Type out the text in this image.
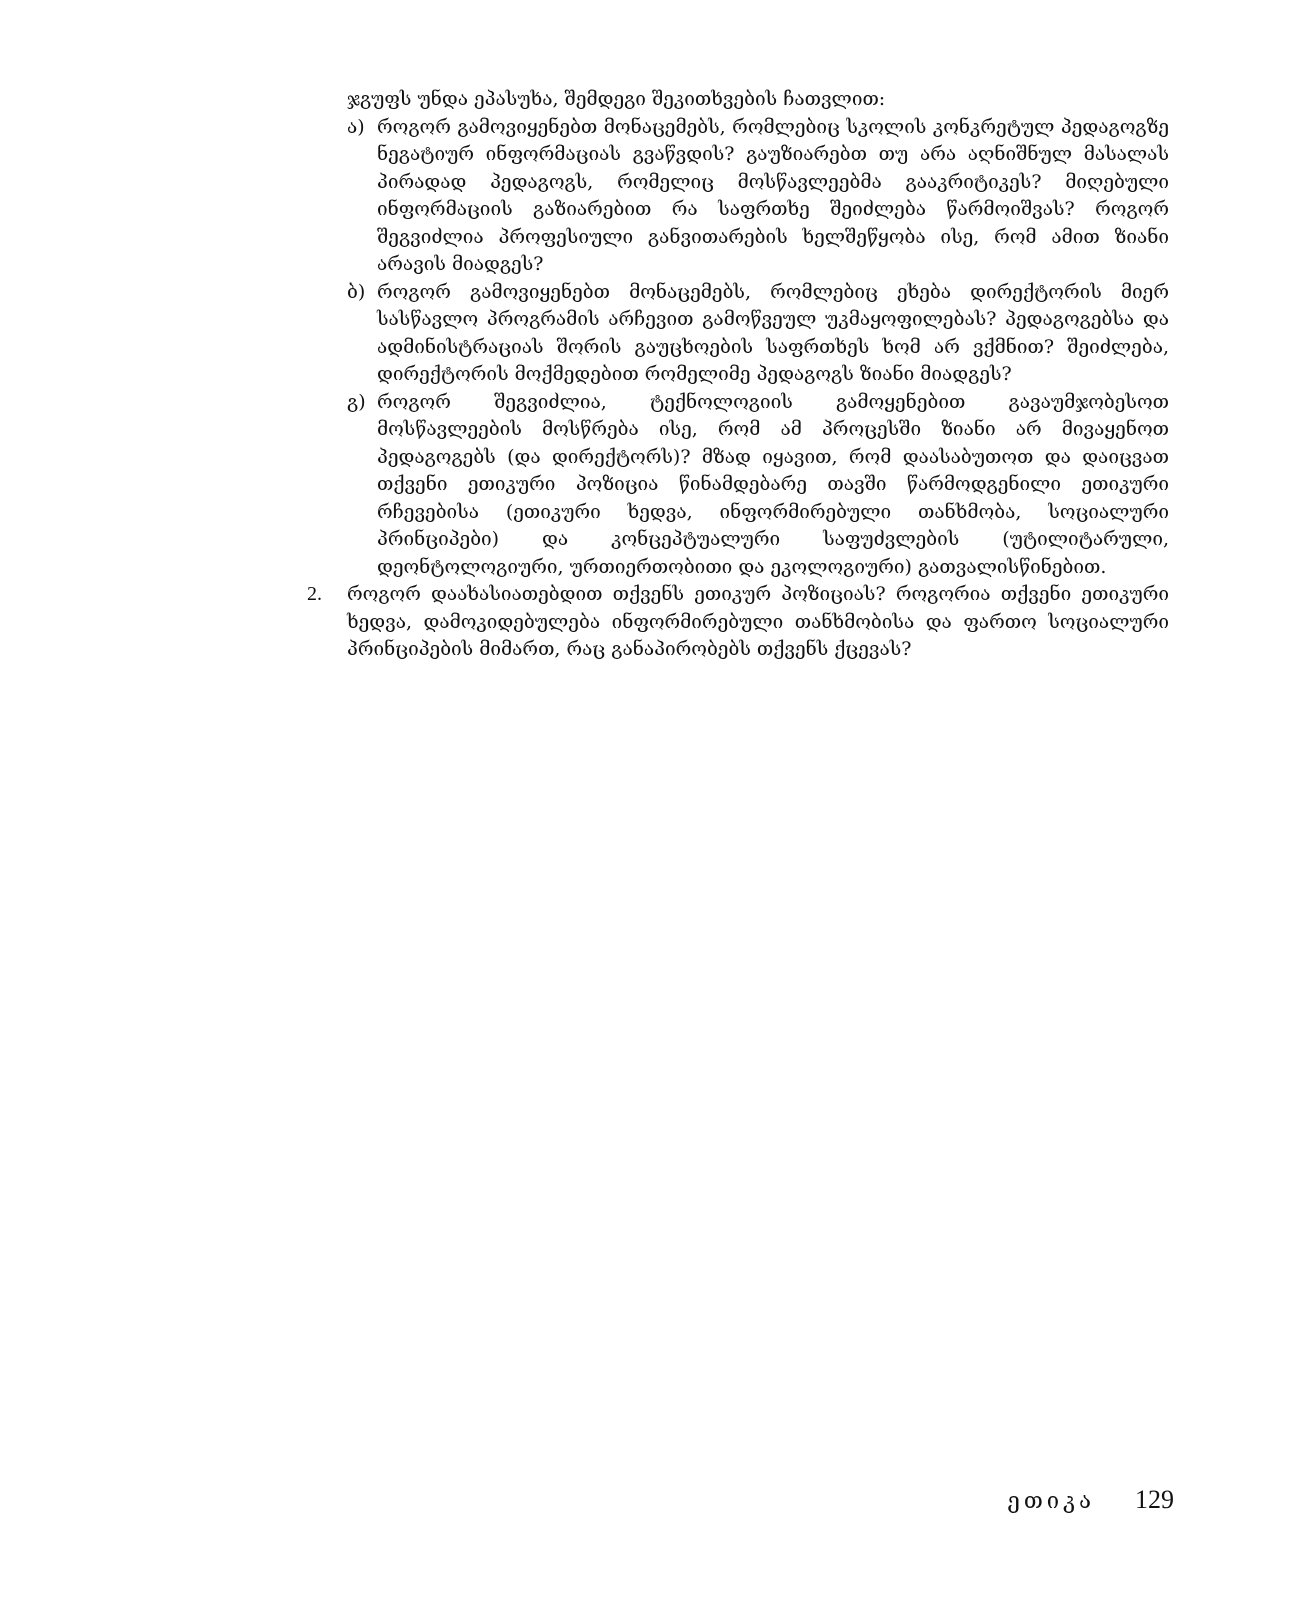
ჯგუფს უნდა ეპასუხა, შემდეგი შეკითხვების ჩათვლით:

ა) როგორ გამოვიყენებთ მონაცემებს, რომლებიც სკოლის კონკრეტულ პედაგოგზე ნეგატიურ ინფორმაციას გვაწვდის? გაუზიარებთ თუ არა აღნიშნულ მასალას პირადად პედაგოგს, რომელიც მოსწავლეებმა გააკრიტიკეს? მიღებული ინფორმაციის გაზიარებით რა საფრთხე შეიძლება წარმოიშვას? როგორ შეგვიძლია პროფესიული განვითარების ხელშეწყობა ისე, რომ ამით ზიანი არავის მიადგეს?

ბ) როგორ გამოვიყენებთ მონაცემებს, რომლებიც ეხება დირექტორის მიერ სასწავლო პროგრამის არჩევით გამოწვეულ უკმაყოფილებას? პედაგოგებსა და ადმინისტრაციას შორის გაუცხოების საფრთხეს ხომ არ ვქმნით? შეიძლება, დირექტორის მოქმედებით რომელიმე პედაგოგს ზიანი მიადგეს?

გ) როგორ შეგვიძლია, ტექნოლოგიის გამოყენებით გავაუმჯობესოთ მოსწავლეების მოსწრება ისე, რომ ამ პროცესში ზიანი არ მივაყენოთ პედაგოგებს (და დირექტორს)? მზად იყავით, რომ დაასაბუთოთ და დაიცვათ თქვენი ეთიკური პოზიცია წინამდებარე თავში წარმოდგენილი ეთიკური რჩევებისა (ეთიკური ხედვა, ინფორმირებული თანხმობა, სოციალური პრინციპები) და კონცეპტუალური საფუძვლების (უტილიტარული, დეონტოლოგიური, ურთიერთობითი და ეკოლოგიური) გათვალისწინებით.

2. როგორ დაახასიათებდით თქვენს ეთიკურ პოზიციას? როგორია თქვენი ეთიკური ხედვა, დამოკიდებულება ინფორმირებული თანხმობისა და ფართო სოციალური პრინციპების მიმართ, რაც განაპირობებს თქვენს ქცევას?

ეთიკა 129
